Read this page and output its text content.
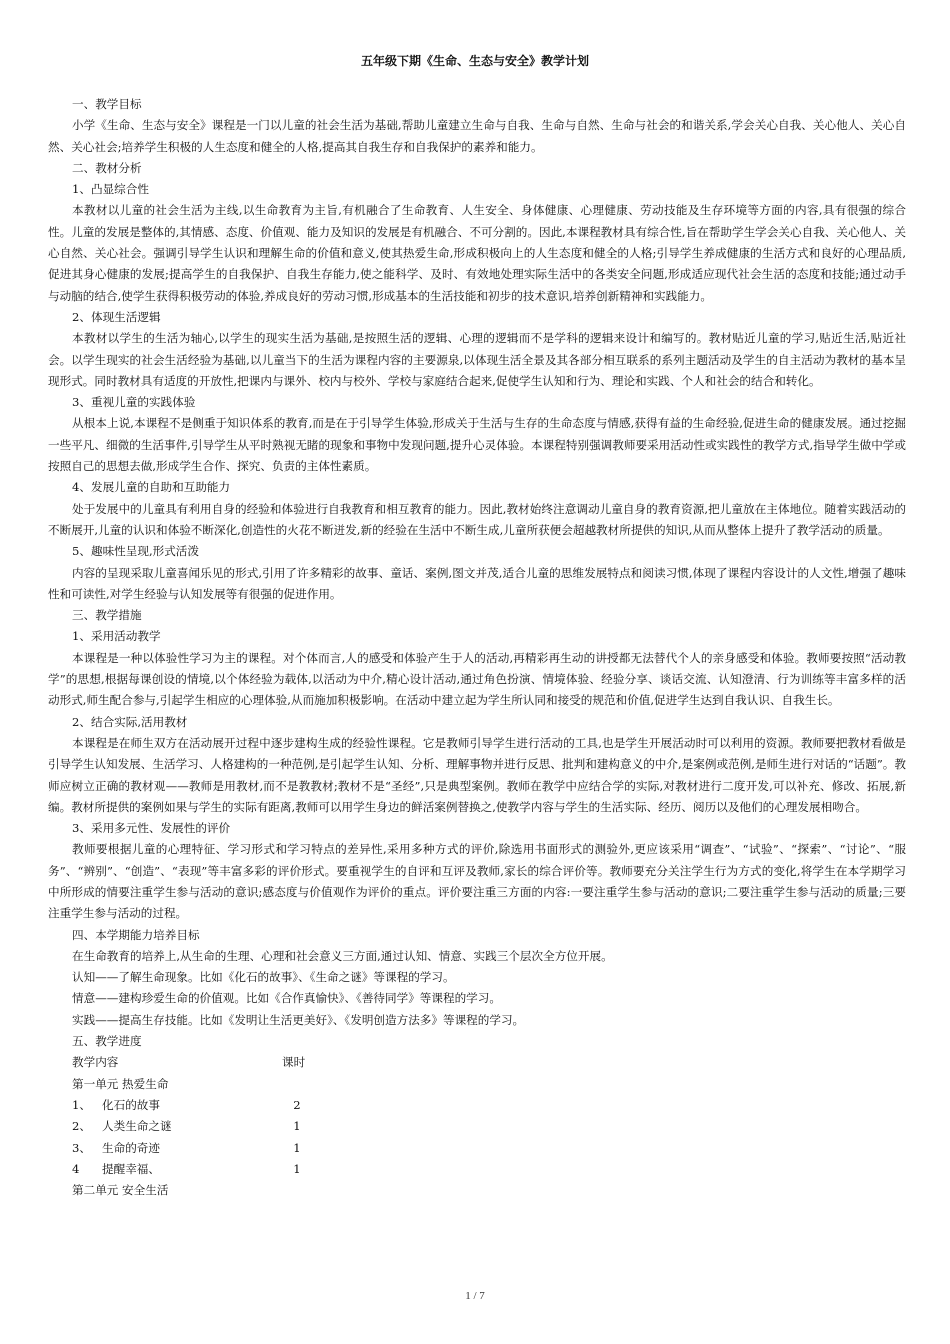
五年级下期《生命、生态与安全》教学计划
一、教学目标
小学《生命、生态与安全》课程是一门以儿童的社会生活为基础,帮助儿童建立生命与自我、生命与自然、生命与社会的和谐关系,学会关心自我、关心他人、关心自然、关心社会;培养学生积极的人生态度和健全的人格,提高其自我生存和自我保护的素养和能力。
二、教材分析
1、凸显综合性
本教材以儿童的社会生活为主线,以生命教育为主旨,有机融合了生命教育、人生安全、身体健康、心理健康、劳动技能及生存环境等方面的内容,具有很强的综合性。儿童的发展是整体的,其情感、态度、价值观、能力及知识的发展是有机融合、不可分割的。因此,本课程教材具有综合性,旨在帮助学生学会关心自我、关心他人、关心自然、关心社会。强调引导学生认识和理解生命的价值和意义,使其热爱生命,形成积极向上的人生态度和健全的人格;引导学生养成健康的生活方式和良好的心理品质,促进其身心健康的发展;提高学生的自我保护、自我生存能力,使之能科学、及时、有效地处理实际生活中的各类安全问题,形成适应现代社会生活的态度和技能;通过动手与动脑的结合,使学生获得积极劳动的体验,养成良好的劳动习惯,形成基本的生活技能和初步的技术意识,培养创新精神和实践能力。
2、体现生活逻辑
本教材以学生的生活为轴心,以学生的现实生活为基础,是按照生活的逻辑、心理的逻辑而不是学科的逻辑来设计和编写的。教材贴近儿童的学习,贴近生活,贴近社会。以学生现实的社会生活经验为基础,以儿童当下的生活为课程内容的主要源泉,以体现生活全景及其各部分相互联系的系列主题活动及学生的自主活动为教材的基本呈现形式。同时教材具有适度的开放性,把课内与课外、校内与校外、学校与家庭结合起来,促使学生认知和行为、理论和实践、个人和社会的结合和转化。
3、重视儿童的实践体验
从根本上说,本课程不是侧重于知识体系的教育,而是在于引导学生体验,形成关于生活与生存的生命态度与情感,获得有益的生命经验,促进生命的健康发展。通过挖掘一些平凡、细微的生活事件,引导学生从平时熟视无睹的现象和事物中发现问题,提升心灵体验。本课程特别强调教师要采用活动性或实践性的教学方式,指导学生做中学或按照自己的思想去做,形成学生合作、探究、负责的主体性素质。
4、发展儿童的自助和互助能力
处于发展中的儿童具有利用自身的经验和体验进行自我教育和相互教育的能力。因此,教材始终注意调动儿童自身的教育资源,把儿童放在主体地位。随着实践活动的不断展开,儿童的认识和体验不断深化,创造性的火花不断迸发,新的经验在生活中不断生成,儿童所获便会超越教材所提供的知识,从而从整体上提升了教学活动的质量。
5、趣味性呈现,形式活泼
内容的呈现采取儿童喜闻乐见的形式,引用了许多精彩的故事、童话、案例,图文并茂,适合儿童的思维发展特点和阅读习惯,体现了课程内容设计的人文性,增强了趣味性和可读性,对学生经验与认知发展等有很强的促进作用。
三、教学措施
1、采用活动教学
本课程是一种以体验性学习为主的课程。对个体而言,人的感受和体验产生于人的活动,再精彩再生动的讲授都无法替代个人的亲身感受和体验。教师要按照“活动教学”的思想,根据每课创设的情境,以个体经验为载体,以活动为中介,精心设计活动,通过角色扮演、情境体验、经验分享、谈话交流、认知澄清、行为训练等丰富多样的活动形式,师生配合参与,引起学生相应的心理体验,从而施加积极影响。在活动中建立起为学生所认同和接受的规范和价值,促进学生达到自我认识、自我生长。
2、结合实际,活用教材
本课程是在师生双方在活动展开过程中逐步建构生成的经验性课程。它是教师引导学生进行活动的工具,也是学生开展活动时可以利用的资源。教师要把教材看做是引导学生认知发展、生活学习、人格建构的一种范例,是引起学生认知、分析、理解事物并进行反思、批判和建构意义的中介,是案例或范例,是师生进行对话的“话题”。教师应树立正确的教材观——教师是用教材,而不是教教材;教材不是“圣经”,只是典型案例。教师在教学中应结合学的实际,对教材进行二度开发,可以补充、修改、拓展,新编。教材所提供的案例如果与学生的实际有距离,教师可以用学生身边的鲜活案例替换之,使教学内容与学生的生活实际、经历、阅历以及他们的心理发展相吻合。
3、采用多元性、发展性的评价
教师要根据儿童的心理特征、学习形式和学习特点的差异性,采用多种方式的评价,除选用书面形式的测验外,更应该采用“调查”、“试验”、“探索”、“讨论”、“服务”、“辨别”、“创造”、“表现”等丰富多彩的评价形式。要重视学生的自评和互评及教师,家长的综合评价等。教师要充分关注学生行为方式的变化,将学生在本学期学习中所形成的情要注重学生参与活动的意识;感态度与价值观作为评价的重点。评价要注重三方面的内容:一要注重学生参与活动的意识;二要注重学生参与活动的质量;三要注重学生参与活动的过程。
四、本学期能力培养目标
在生命教育的培养上,从生命的生理、心理和社会意义三方面,通过认知、情意、实践三个层次全方位开展。
认知——了解生命现象。比如《化石的故事》、《生命之谜》等课程的学习。
情意——建构珍爱生命的价值观。比如《合作真愉快》、《善待同学》等课程的学习。
实践——提高生存技能。比如《发明让生活更美好》、《发明创造方法多》等课程的学习。
五、教学进度
教学内容	课时
第一单元 热爱生命
1、 化石的故事	2
2、 人类生命之谜	1
3、 生命的奇迹	1
4	提醒幸福、	1
第二单元 安全生活
1 / 7
